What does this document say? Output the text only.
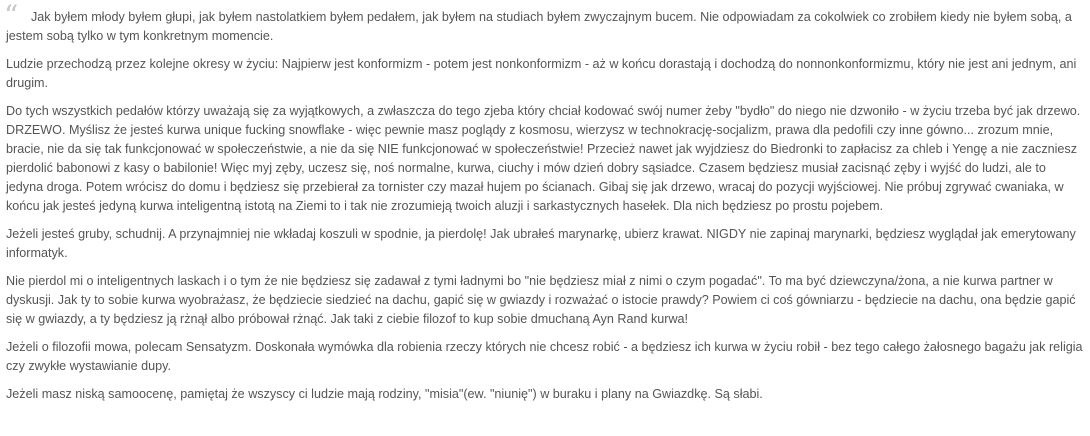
“	Jak byłem młody byłem głupi, jak byłem nastolatkiem byłem pedałem, jak byłem na studiach byłem zwyczajnym bucem. Nie odpowiadam za cokolwiek co zrobiłem kiedy nie byłem sobą, a jestem sobą tylko w tym konkretnym momencie.

Ludzie przechodzą przez kolejne okresy w życiu: Najpierw jest konformizm - potem jest nonkonformizm - aż w końcu dorastają i dochodzą do nonnonkonformizmu, który nie jest ani jednym, ani drugim.

Do tych wszystkich pedałów którzy uważają się za wyjątkowych, a zwłaszcza do tego zjeba który chciał kodować swój numer żeby "bydło" do niego nie dzwoniło - w życiu trzeba być jak drzewo. DRZEWO. Myślisz że jesteś kurwa unique fucking snowflake - więc pewnie masz poglądy z kosmosu, wierzysz w technokrację-socjalizm, prawa dla pedofili czy inne gówno... zrozum mnie, bracie, nie da się tak funkcjonować w społeczeństwie, a nie da się NIE funkcjonować w społeczeństwie! Przecież nawet jak wyjdziesz do Biedronki to zapłacisz za chleb i Yengę a nie zaczniesz pierdolić babonowi z kasy o babilonie! Więc myj zęby, uczesz się, noś normalne, kurwa, ciuchy i mów dzień dobry sąsiadce. Czasem będziesz musiał zacisnąć zęby i wyjść do ludzi, ale to jedyna droga. Potem wrócisz do domu i będziesz się przebierał za tornister czy mazał hujem po ścianach. Gibaj się jak drzewo, wracaj do pozycji wyjściowej. Nie próbuj zgrywać cwaniaka, w końcu jak jesteś jedyną kurwa inteligentną istotą na Ziemi to i tak nie zrozumieją twoich aluzji i sarkastycznych hasełek. Dla nich będziesz po prostu pojebem.

Jeżeli jesteś gruby, schudnij. A przynajmniej nie wkładaj koszuli w spodnie, ja pierdolę! Jak ubrałeś marynarkę, ubierz krawat. NIGDY nie zapinaj marynarki, będziesz wyglądał jak emerytowany informatyk.

Nie pierdol mi o inteligentnych laskach i o tym że nie będziesz się zadawał z tymi ładnymi bo "nie będziesz miał z nimi o czym pogadać". To ma być dziewczyna/żona, a nie kurwa partner w dyskusji. Jak ty to sobie kurwa wyobrażasz, że będziecie siedzieć na dachu, gapić się w gwiazdy i rozważać o istocie prawdy? Powiem ci coś gówniarzu - będziecie na dachu, ona będzie gapić się w gwiazdy, a ty będziesz ją rżnął albo próbował rżnąć. Jak taki z ciebie filozof to kup sobie dmuchaną Ayn Rand kurwa!

Jeżeli o filozofii mowa, polecam Sensatyzm. Doskonała wymówka dla robienia rzeczy których nie chcesz robić - a będziesz ich kurwa w życiu robił - bez tego całego żałosnego bagażu jak religia czy zwykłe wystawianie dupy.

Jeżeli masz niską samoocenę, pamiętaj że wszyscy ci ludzie mają rodziny, "misia"(ew. "niunię") w buraku i plany na Gwiazdkę. Są słabi.
